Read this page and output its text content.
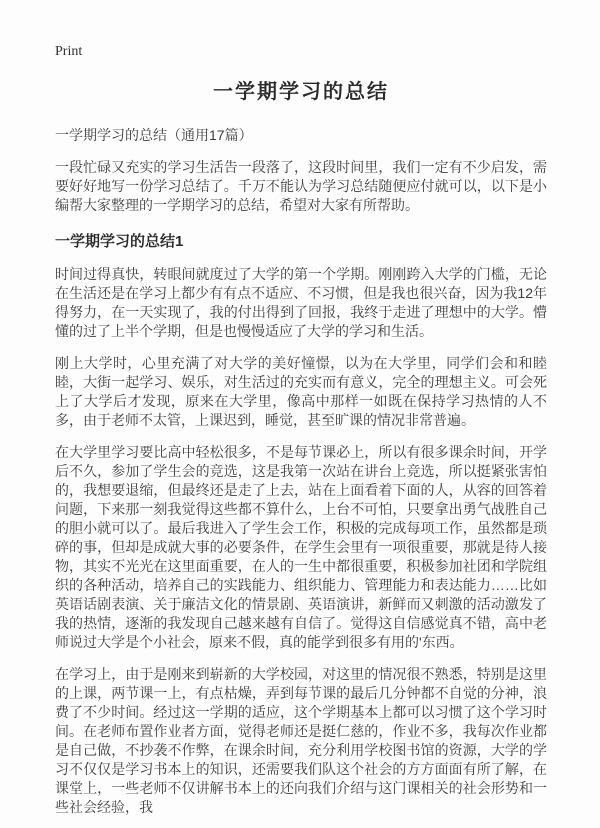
Print
一学期学习的总结

一学期学习的总结（通用17篇）

一段忙碌又充实的学习生活告一段落了，这段时间里，我们一定有不少启发，需要好好地写一份学习总结了。千万不能认为学习总结随便应付就可以，以下是小编帮大家整理的一学期学习的总结，希望对大家有所帮助。

一学期学习的总结1

时间过得真快，转眼间就度过了大学的第一个学期。刚刚跨入大学的门槛，无论在生活还是在学习上都少有有点不适应、不习惯，但是我也很兴奋，因为我12年得努力，在一天实现了，我的付出得到了回报，我终于走进了理想中的大学。懵懂的过了上半个学期，但是也慢慢适应了大学的学习和生活。

刚上大学时，心里充满了对大学的美好憧憬，以为在大学里，同学们会和和睦睦，大街一起学习、娱乐，对生活过的充实而有意义，完全的理想主义。可会死上了大学后才发现，原来在大学里，像高中那样一如既在保持学习热情的人不多，由于老师不太管，上课迟到，睡觉，甚至旷课的情况非常普遍。

在大学里学习要比高中轻松很多，不是每节课必上，所以有很多课余时间，开学后不久，参加了学生会的竞选，这是我第一次站在讲台上竞选，所以挺紧张害怕的，我想要退缩，但最终还是走了上去，站在上面看着下面的人，从容的回答着问题，下来那一刻我觉得这些都不算什么，上台不可怕，只要拿出勇气战胜自己的胆小就可以了。最后我进入了学生会工作，积极的完成每项工作，虽然都是琐碎的事，但却是成就大事的必要条件，在学生会里有一项很重要，那就是待人接物，其实不光光在这里面重要，在人的一生中都很重要，积极参加社团和学院组织的各种活动，培养自己的实践能力、组织能力、管理能力和表达能力……比如英语话剧表演、关于廉洁文化的情景剧、英语演讲，新鲜而又刺激的活动激发了我的热情，逐渐的我发现自己越来越有自信了。觉得这自信感觉真不错，高中老师说过大学是个小社会，原来不假，真的能学到很多有用的'东西。

在学习上，由于是刚来到崭新的大学校园，对这里的情况很不熟悉，特别是这里的上课，两节课一上，有点枯燥，弄到每节课的最后几分钟都不自觉的分神，浪费了不少时间。经过这一学期的适应，这个学期基本上都可以习惯了这个学习时间。在老师布置作业者方面，觉得老师还是挺仁慈的，作业不多，我每次作业都是自己做，不抄袭不作弊，在课余时间，充分利用学校图书馆的资源，大学的学习不仅仅是学习书本上的知识，还需要我们队这个社会的方方面面有所了解，在课堂上，一些老师不仅讲解书本上的还向我们介绍与这门课相关的社会形势和一些社会经验，我
